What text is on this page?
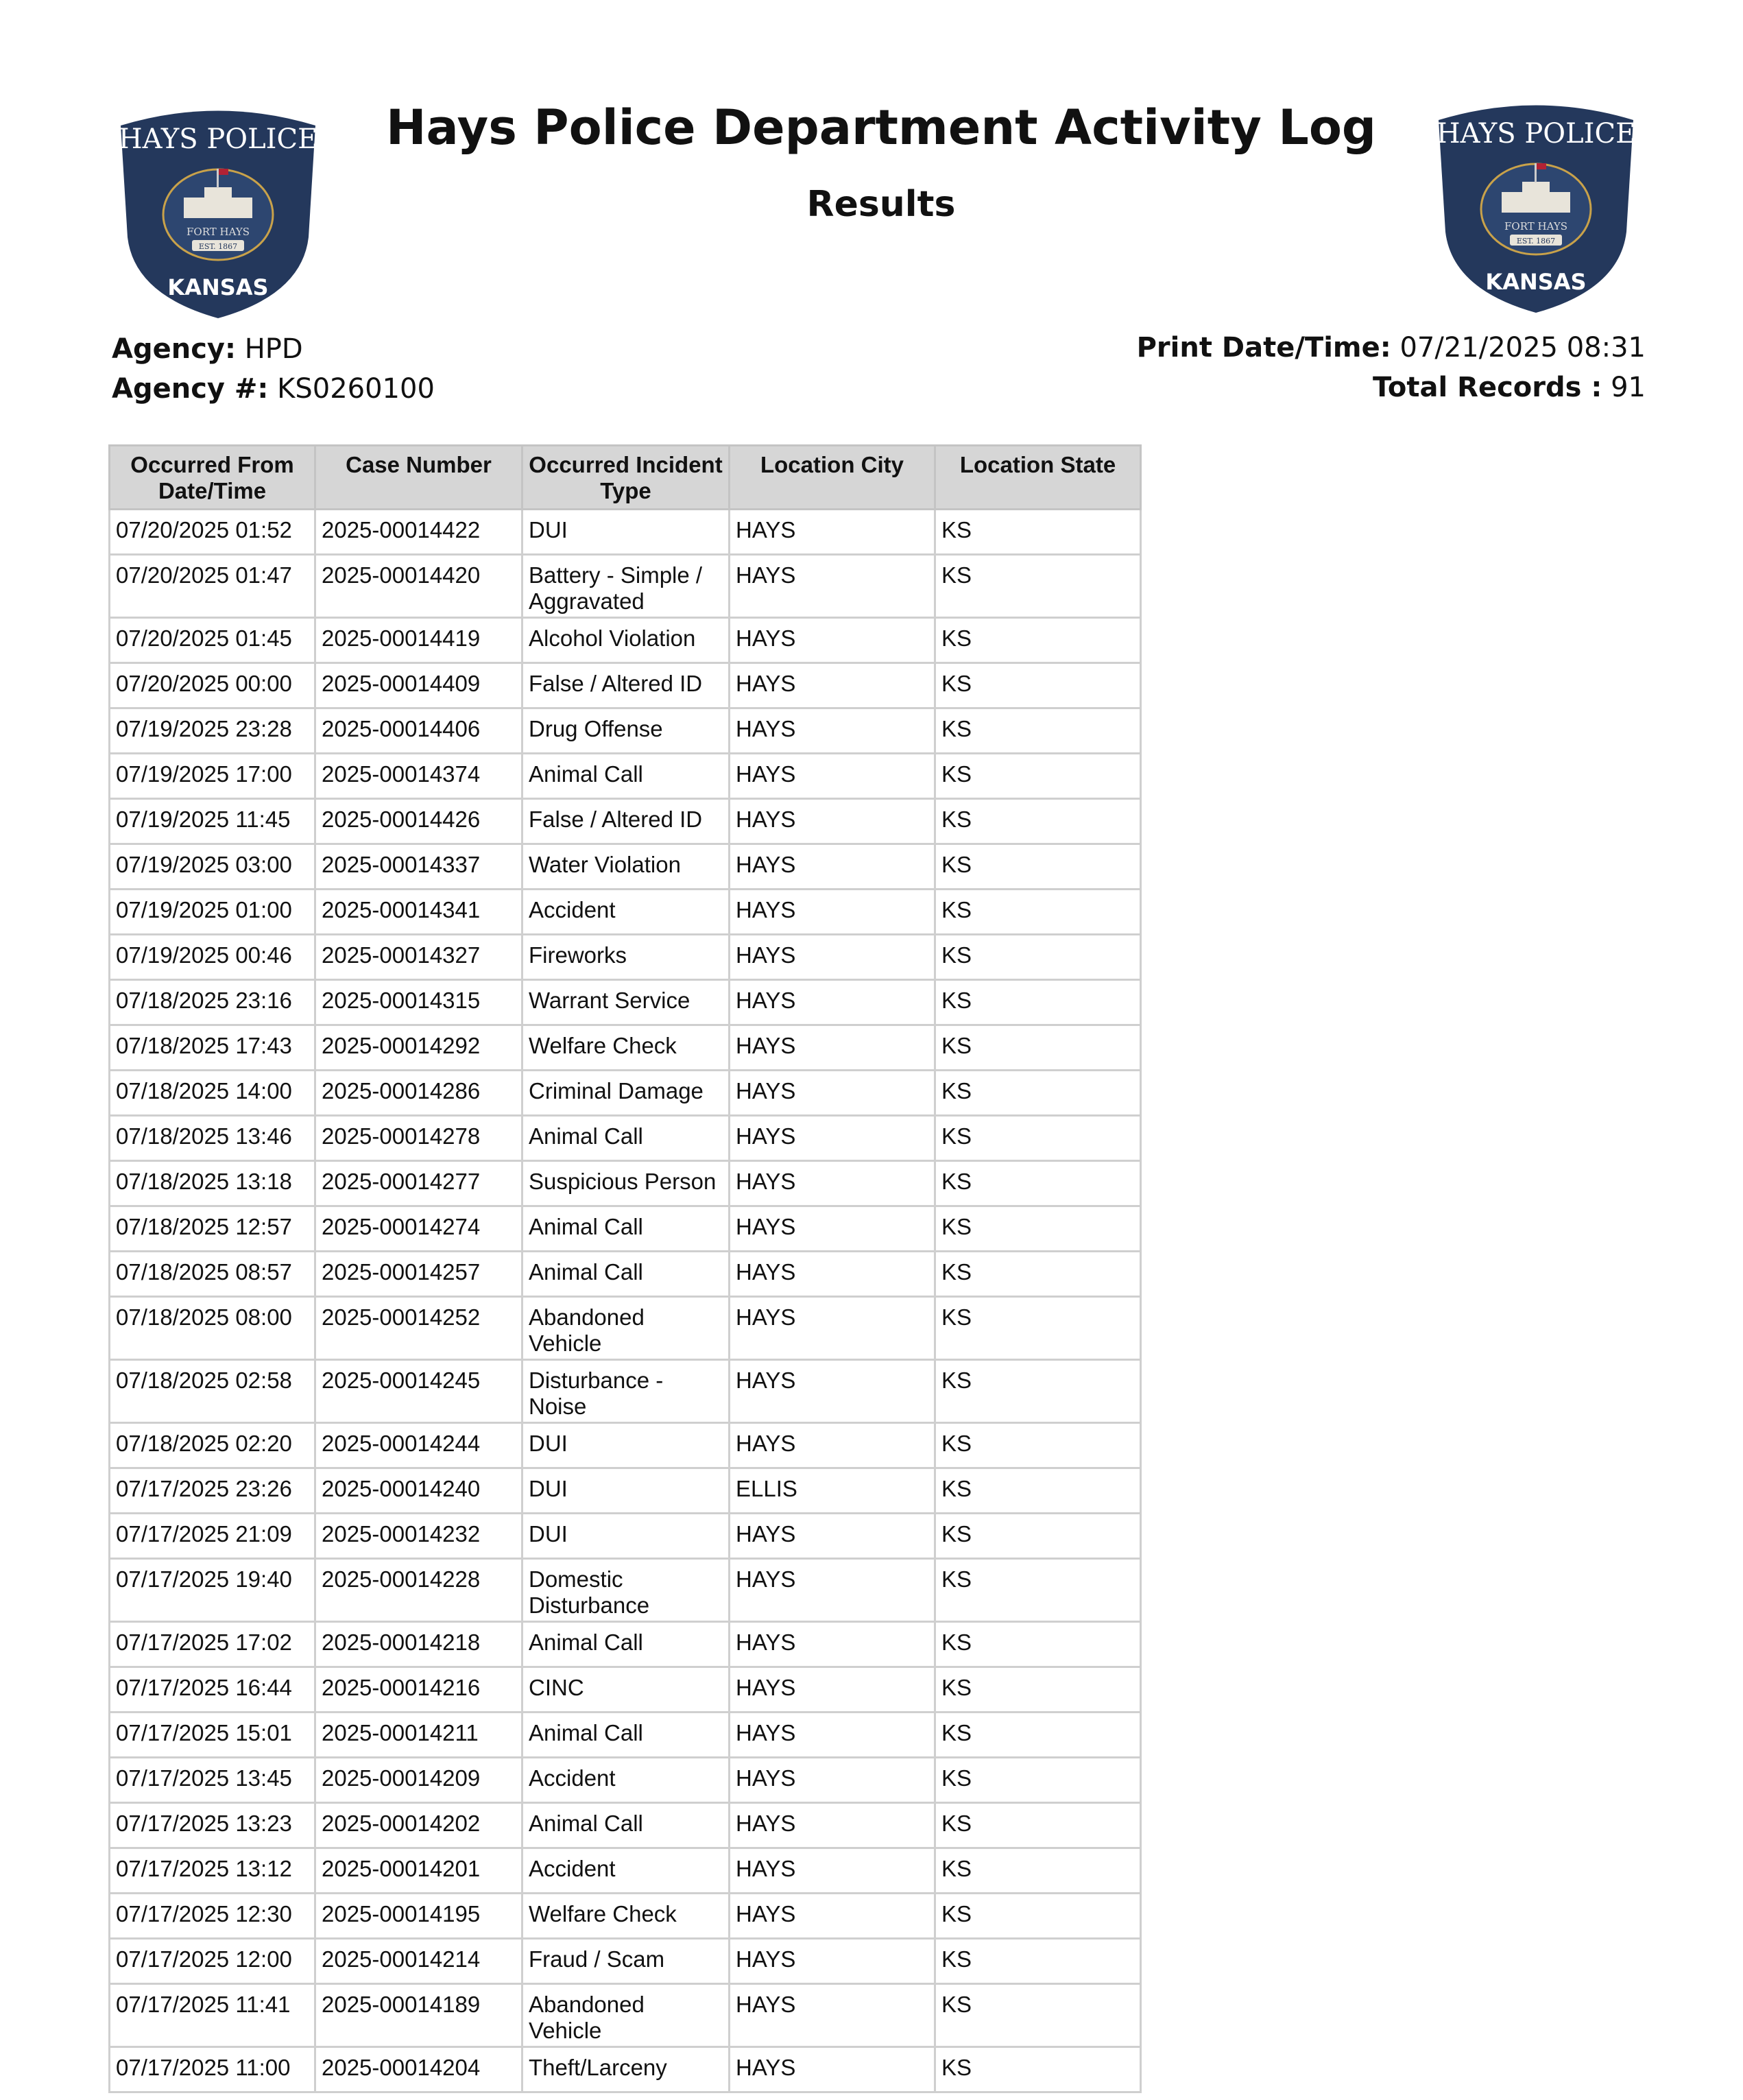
HAYS POLICE
FORT HAYS
EST. 1867
KANSAS
HAYS POLICE
FORT HAYS
EST. 1867
KANSAS
Hays Police Department Activity Log
Results
Agency: HPD
Agency #: KS0260100
Print Date/Time: 07/21/2025 08:31
Total Records : 91
Occurred From Date/Time	Case Number	Occurred Incident Type	Location City	Location State
07/20/2025 01:52	2025-00014422	DUI	HAYS	KS
07/20/2025 01:47	2025-00014420	Battery - Simple / Aggravated	HAYS	KS
07/20/2025 01:45	2025-00014419	Alcohol Violation	HAYS	KS
07/20/2025 00:00	2025-00014409	False / Altered ID	HAYS	KS
07/19/2025 23:28	2025-00014406	Drug Offense	HAYS	KS
07/19/2025 17:00	2025-00014374	Animal Call	HAYS	KS
07/19/2025 11:45	2025-00014426	False / Altered ID	HAYS	KS
07/19/2025 03:00	2025-00014337	Water Violation	HAYS	KS
07/19/2025 01:00	2025-00014341	Accident	HAYS	KS
07/19/2025 00:46	2025-00014327	Fireworks	HAYS	KS
07/18/2025 23:16	2025-00014315	Warrant Service	HAYS	KS
07/18/2025 17:43	2025-00014292	Welfare Check	HAYS	KS
07/18/2025 14:00	2025-00014286	Criminal Damage	HAYS	KS
07/18/2025 13:46	2025-00014278	Animal Call	HAYS	KS
07/18/2025 13:18	2025-00014277	Suspicious Person	HAYS	KS
07/18/2025 12:57	2025-00014274	Animal Call	HAYS	KS
07/18/2025 08:57	2025-00014257	Animal Call	HAYS	KS
07/18/2025 08:00	2025-00014252	Abandoned Vehicle	HAYS	KS
07/18/2025 02:58	2025-00014245	Disturbance - Noise	HAYS	KS
07/18/2025 02:20	2025-00014244	DUI	HAYS	KS
07/17/2025 23:26	2025-00014240	DUI	ELLIS	KS
07/17/2025 21:09	2025-00014232	DUI	HAYS	KS
07/17/2025 19:40	2025-00014228	Domestic Disturbance	HAYS	KS
07/17/2025 17:02	2025-00014218	Animal Call	HAYS	KS
07/17/2025 16:44	2025-00014216	CINC	HAYS	KS
07/17/2025 15:01	2025-00014211	Animal Call	HAYS	KS
07/17/2025 13:45	2025-00014209	Accident	HAYS	KS
07/17/2025 13:23	2025-00014202	Animal Call	HAYS	KS
07/17/2025 13:12	2025-00014201	Accident	HAYS	KS
07/17/2025 12:30	2025-00014195	Welfare Check	HAYS	KS
07/17/2025 12:00	2025-00014214	Fraud / Scam	HAYS	KS
07/17/2025 11:41	2025-00014189	Abandoned Vehicle	HAYS	KS
07/17/2025 11:00	2025-00014204	Theft/Larceny	HAYS	KS
